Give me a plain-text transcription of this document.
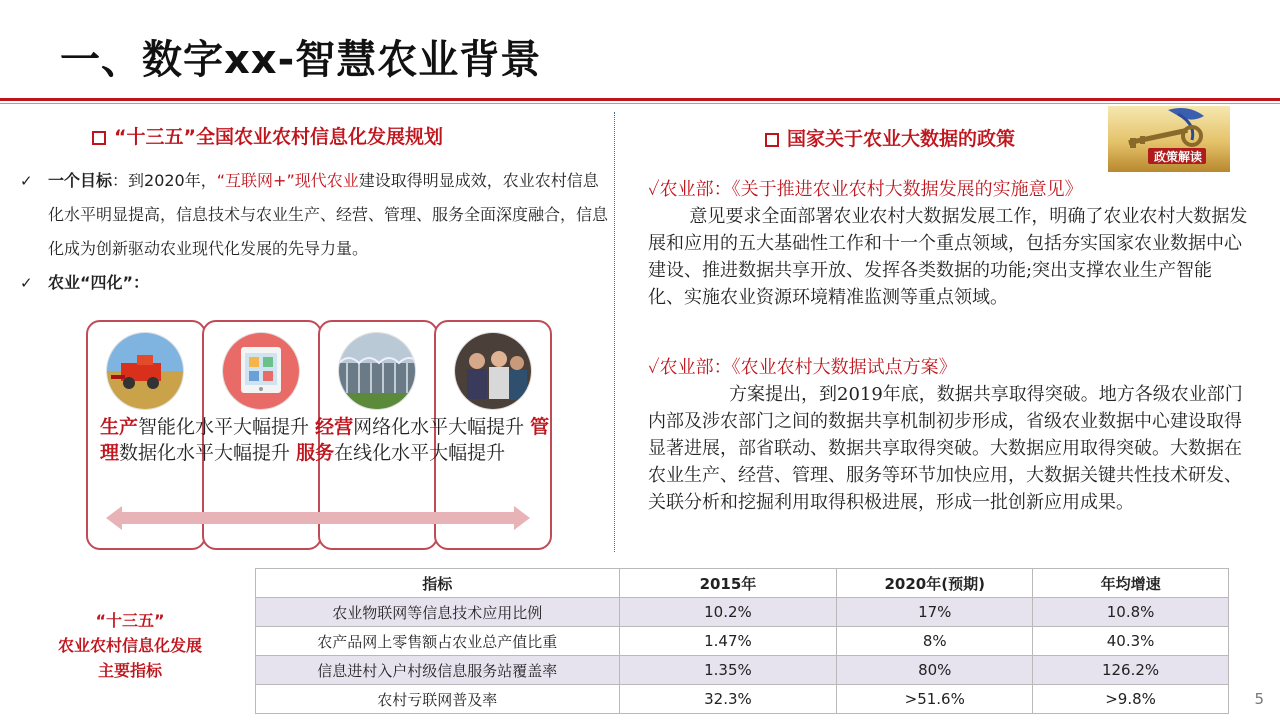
一、数字xx-智慧农业背景
“十三五”全国农业农村信息化发展规划
✓ 一个目标：到2020年，“互联网+”现代农业建设取得明显成效，农业农村信息化水平明显提高，信息技术与农业生产、经营、管理、服务全面深度融合，信息化成为创新驱动农业现代化发展的先导力量。
✓ 农业“四化”：
生产智能化水平大幅提升 经营网络化水平大幅提升 管理数据化水平大幅提升 服务在线化水平大幅提升
国家关于农业大数据的政策
政策解读
✓农业部：《关于推进农业农村大数据发展的实施意见》
意见要求全面部署农业农村大数据发展工作，明确了农业农村大数据发展和应用的五大基础性工作和十一个重点领域，包括夯实国家农业数据中心建设、推进数据共享开放、发挥各类数据的功能;突出支撑农业生产智能化、实施农业资源环境精准监测等重点领域。
✓农业部：《农业农村大数据试点方案》
方案提出，到2019年底，数据共享取得突破。地方各级农业部门内部及涉农部门之间的数据共享机制初步形成，省级农业数据中心建设取得显著进展，部省联动、数据共享取得突破。大数据应用取得突破。大数据在农业生产、经营、管理、服务等环节加快应用，大数据关键共性技术研发、关联分析和挖掘利用取得积极进展，形成一批创新应用成果。
“十三五”
农业农村信息化发展
主要指标
指标	2015年	2020年(预期)	年均增速
农业物联网等信息技术应用比例	10.2%	17%	10.8%
农产品网上零售额占农业总产值比重	1.47%	8%	40.3%
信息进村入户村级信息服务站覆盖率	1.35%	80%	126.2%
农村亏联网普及率	32.3%	>51.6%	>9.8%	5
